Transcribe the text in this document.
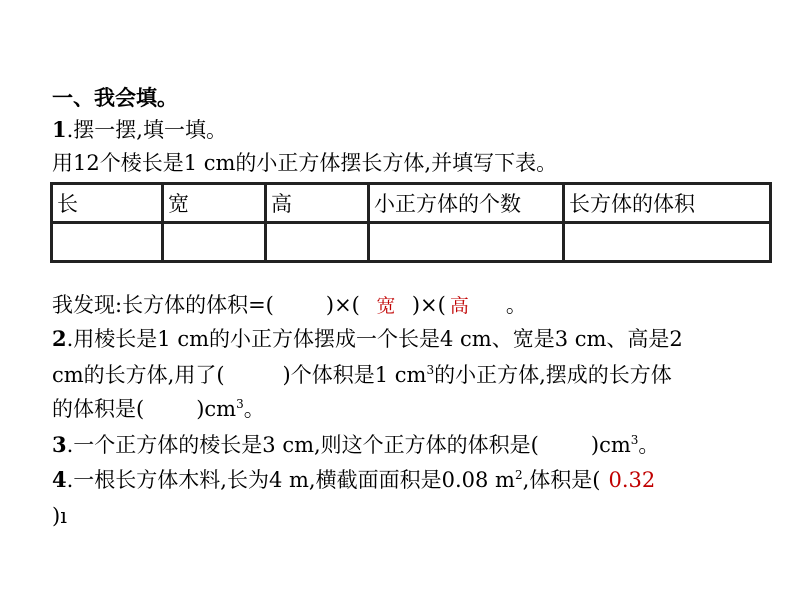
一、我会填。
1.摆一摆,填一填。
用12个棱长是1 cm的小正方体摆长方体,并填写下表。
长	宽	高	小正方体的个数	长方体的体积

我发现:长方体的体积=( )×( 宽 )×( 高 。
2.用棱长是1 cm的小正方体摆成一个长是4 cm、宽是3 cm、高是2
cm的长方体,用了(	)个体积是1 $cm^3$的小正方体,摆成的长方体
的体积是( )$cm^3$。
3.一个正方体的棱长是3 cm,则这个正方体的体积是( )$cm^3$。
4.一根长方体木料,长为4 m,横截面面积是0.08 $m^2$,体积是( 0.32
)ı
